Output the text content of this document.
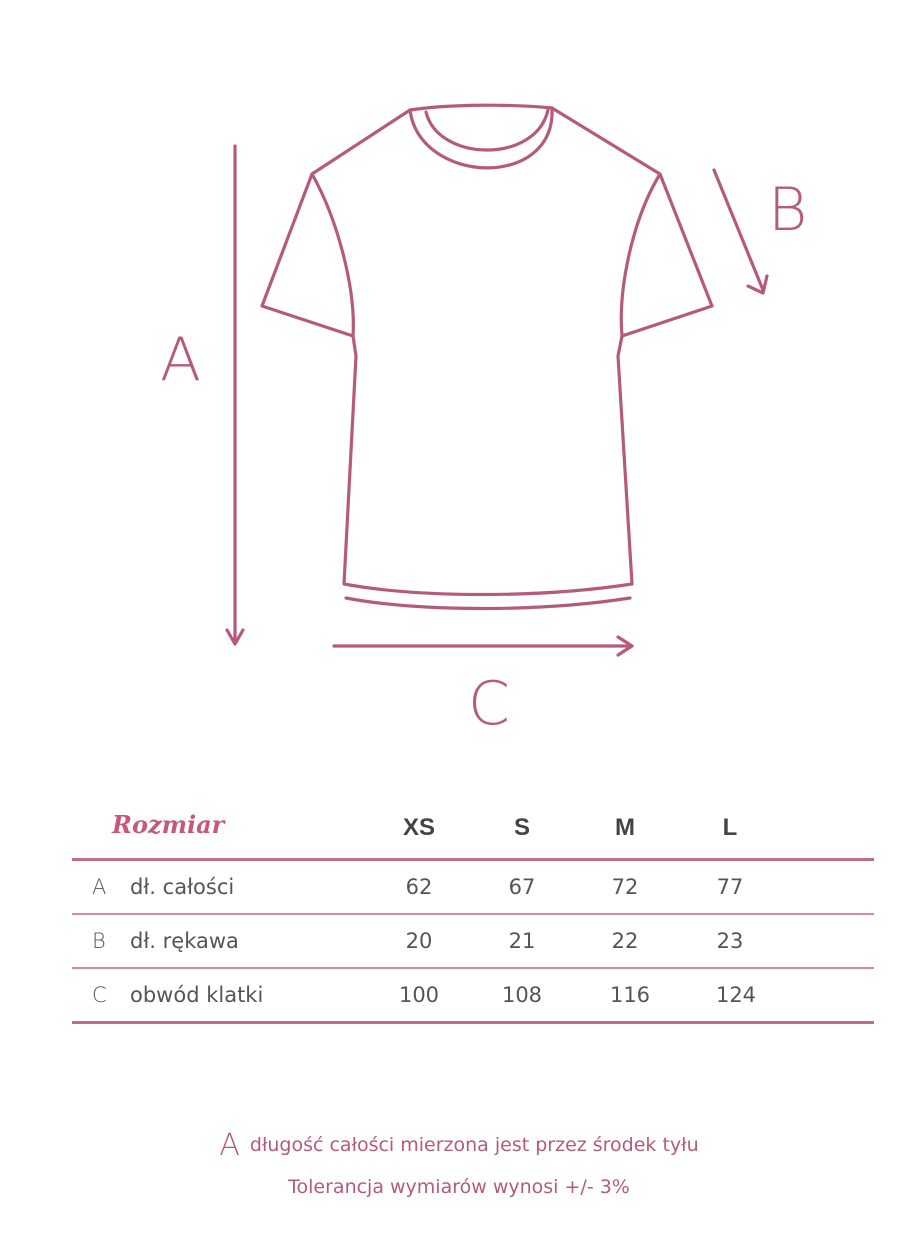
A
B
C
Rozmiar	XS	S	M	L
A dł. całości	62	67	72	77
B dł. rękawa	20	21	22	23
C obwód klatki	100	108	116	124
Adługość całości mierzona jest przez środek tyłu
Tolerancja wymiarów wynosi +/- 3%
